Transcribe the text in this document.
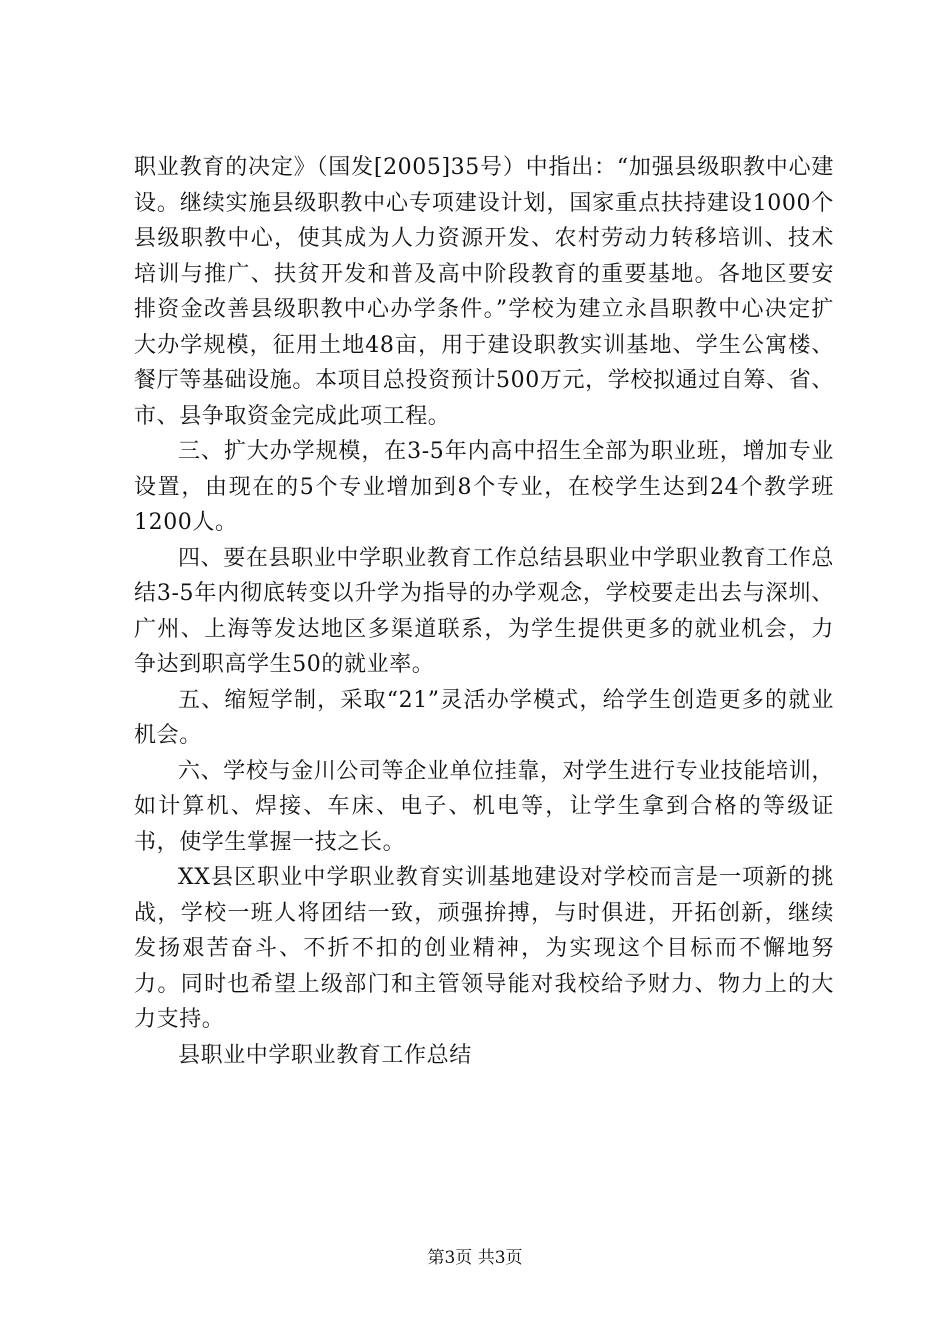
职业教育的决定》（国发[2005]35号）中指出：“加强县级职教中心建设。继续实施县级职教中心专项建设计划，国家重点扶持建设1000个县级职教中心，使其成为人力资源开发、农村劳动力转移培训、技术培训与推广、扶贫开发和普及高中阶段教育的重要基地。各地区要安排资金改善县级职教中心办学条件。”学校为建立永昌职教中心决定扩大办学规模，征用土地48亩，用于建设职教实训基地、学生公寓楼、餐厅等基础设施。本项目总投资预计500万元，学校拟通过自筹、省、市、县争取资金完成此项工程。

三、扩大办学规模，在3-5年内高中招生全部为职业班，增加专业设置，由现在的5个专业增加到8个专业，在校学生达到24个教学班1200人。

四、要在县职业中学职业教育工作总结县职业中学职业教育工作总结3-5年内彻底转变以升学为指导的办学观念，学校要走出去与深圳、广州、上海等发达地区多渠道联系，为学生提供更多的就业机会，力争达到职高学生50的就业率。

五、缩短学制，采取“21”灵活办学模式，给学生创造更多的就业机会。

六、学校与金川公司等企业单位挂靠，对学生进行专业技能培训，如计算机、焊接、车床、电子、机电等，让学生拿到合格的等级证书，使学生掌握一技之长。

XX县区职业中学职业教育实训基地建设对学校而言是一项新的挑战，学校一班人将团结一致，顽强拚搏，与时俱进，开拓创新，继续发扬艰苦奋斗、不折不扣的创业精神，为实现这个目标而不懈地努力。同时也希望上级部门和主管领导能对我校给予财力、物力上的大力支持。

县职业中学职业教育工作总结

第3页 共3页
